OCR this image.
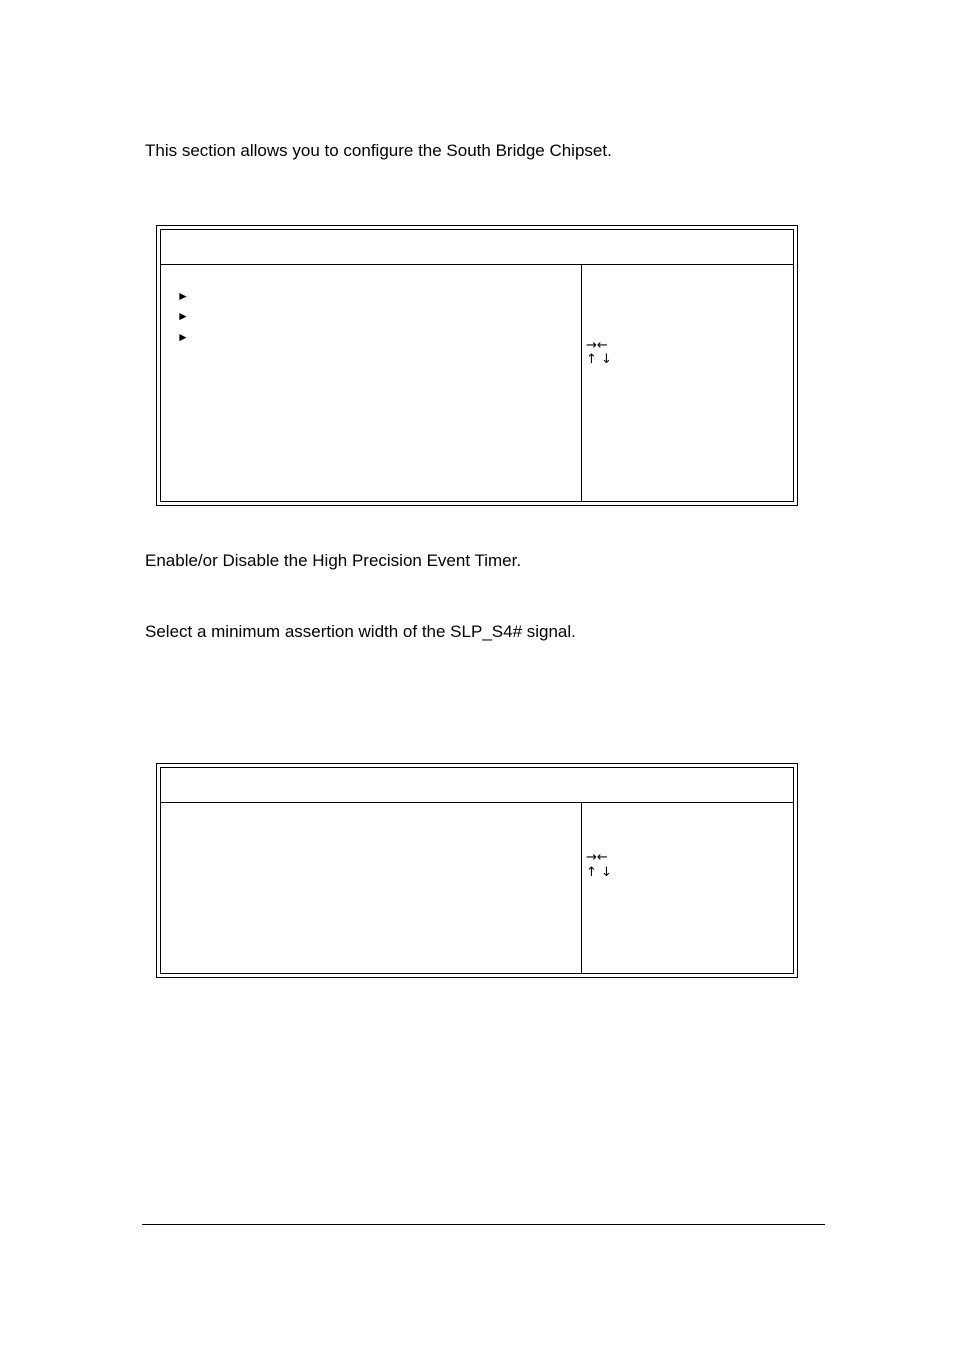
This section allows you to configure the South Bridge Chipset.
►
►
►
→←
↑ ↓
Enable/or Disable the High Precision Event Timer.
Select a minimum assertion width of the SLP_S4# signal.
→←
↑ ↓
